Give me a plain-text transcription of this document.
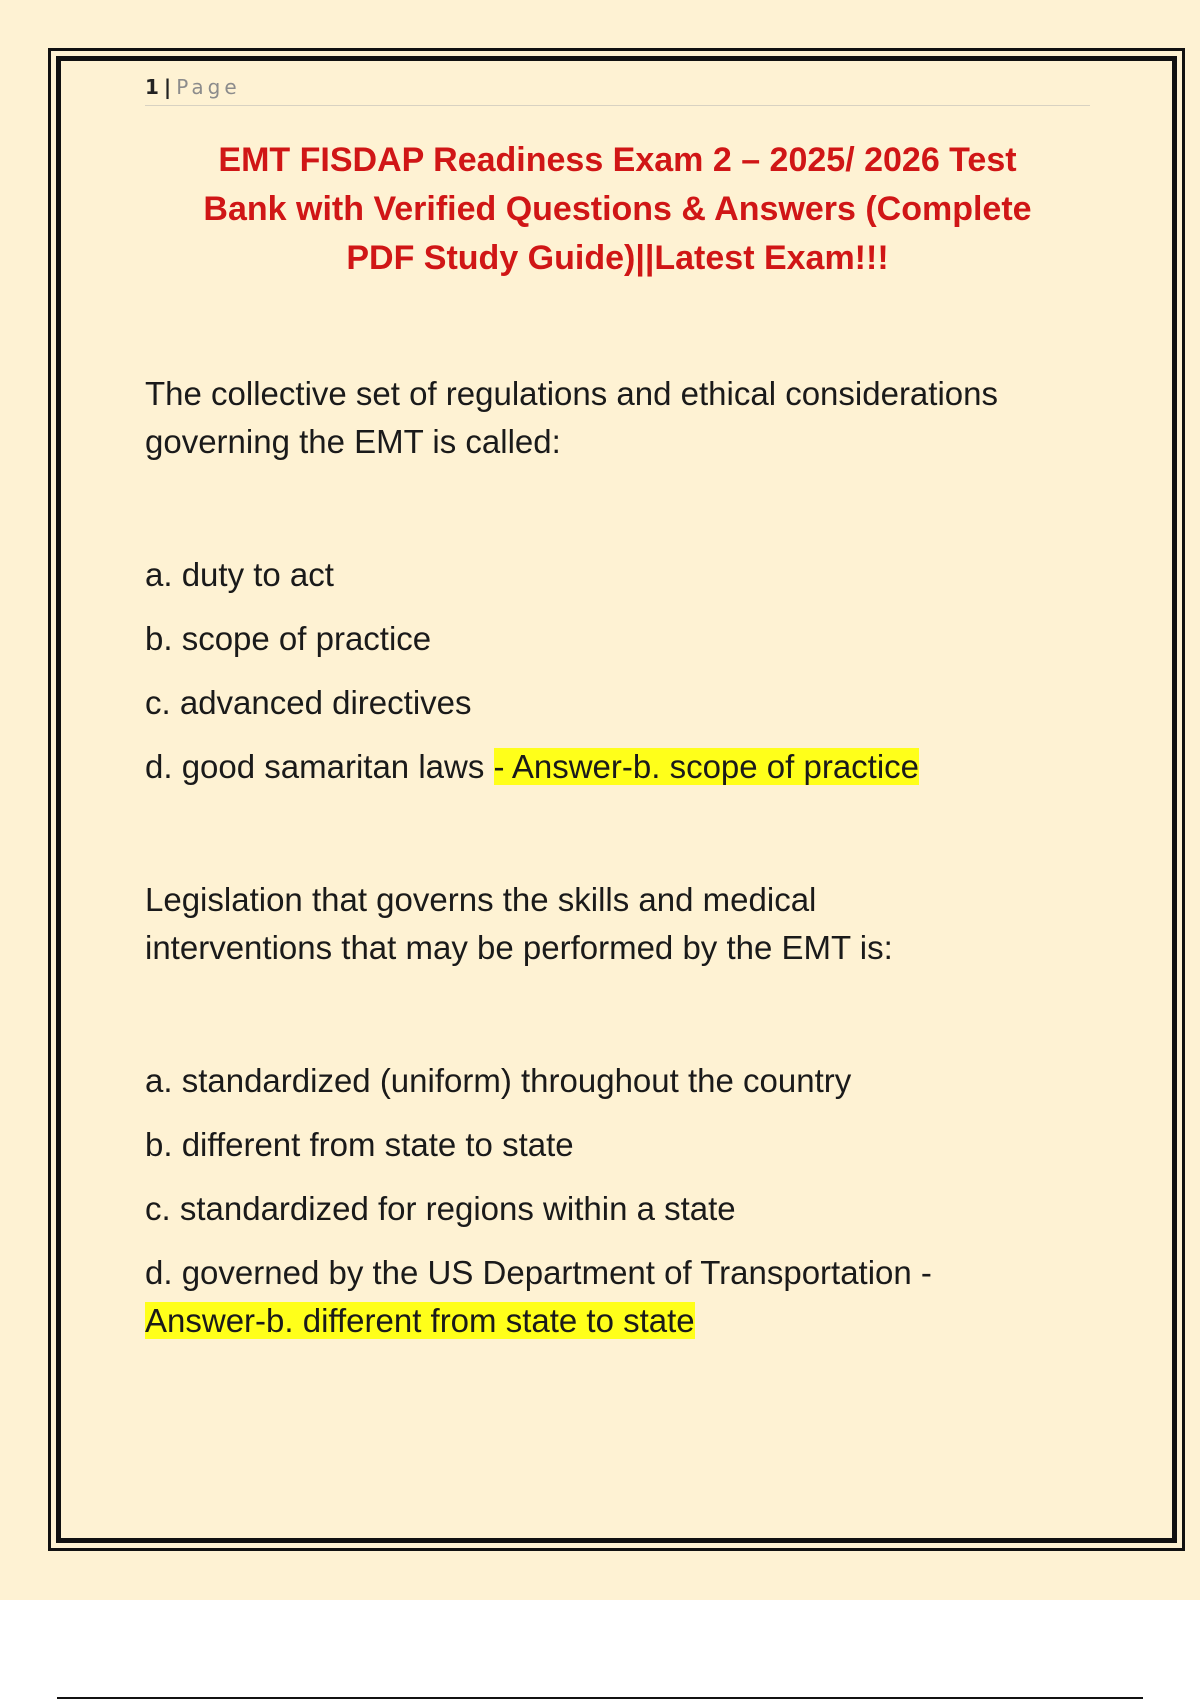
1 | Page
EMT FISDAP Readiness Exam 2 – 2025/ 2026 Test
Bank with Verified Questions & Answers (Complete
PDF Study Guide)||Latest Exam!!!

The collective set of regulations and ethical considerations
governing the EMT is called:

a. duty to act
b. scope of practice
c. advanced directives
d. good samaritan laws - Answer-b. scope of practice

Legislation that governs the skills and medical
interventions that may be performed by the EMT is:

a. standardized (uniform) throughout the country
b. different from state to state
c. standardized for regions within a state
d. governed by the US Department of Transportation -
Answer-b. different from state to state
